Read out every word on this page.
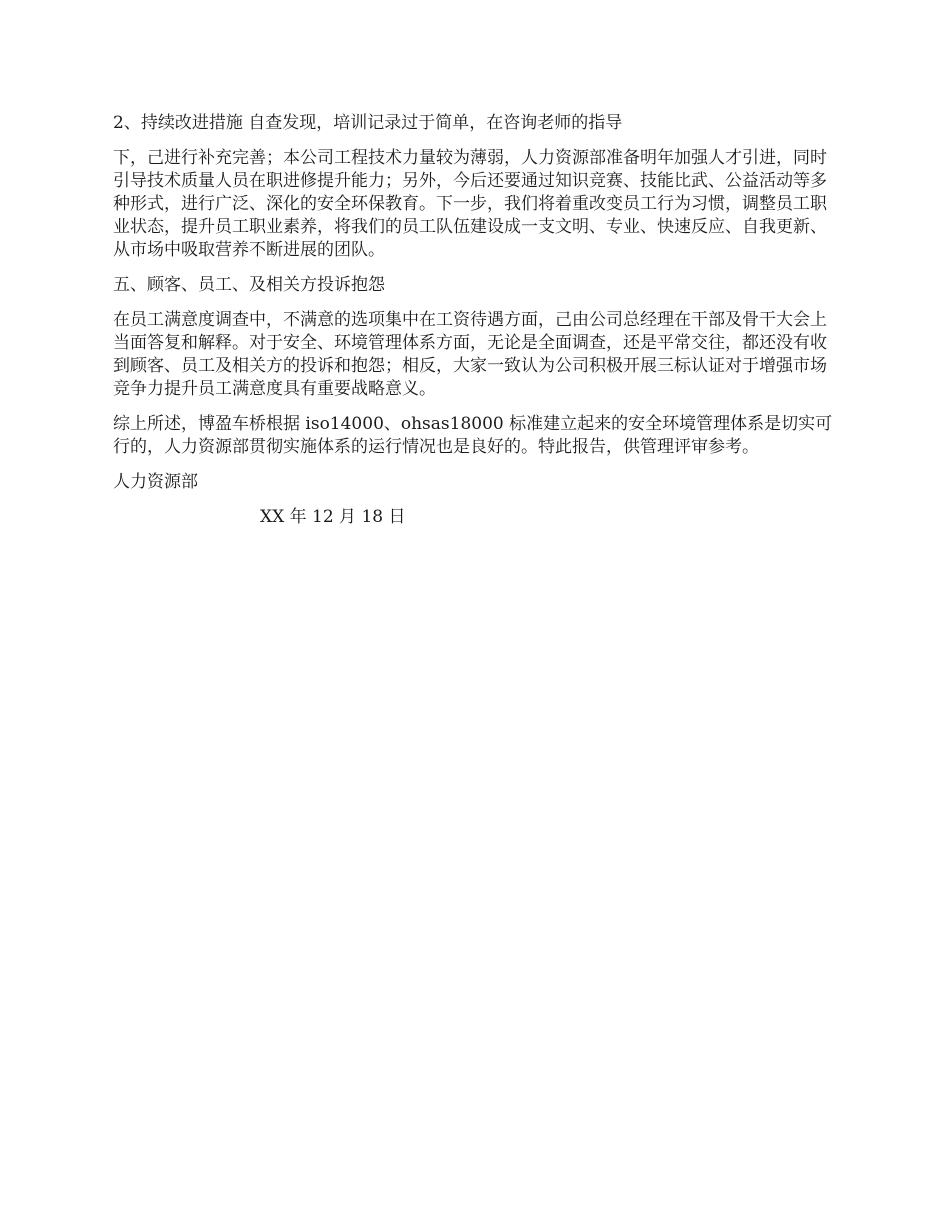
2、持续改进措施 自查发现，培训记录过于简单，在咨询老师的指导

下，己进行补充完善；本公司工程技术力量较为薄弱，人力资源部准备明年加强人才引进，同时引导技术质量人员在职进修提升能力；另外，今后还要通过知识竞赛、技能比武、公益活动等多种形式，进行广泛、深化的安全环保教育。下一步，我们将着重改变员工行为习惯，调整员工职业状态，提升员工职业素养，将我们的员工队伍建设成一支文明、专业、快速反应、自我更新、从市场中吸取营养不断进展的团队。

五、顾客、员工、及相关方投诉抱怨

在员工满意度调查中，不满意的选项集中在工资待遇方面，己由公司总经理在干部及骨干大会上当面答复和解释。对于安全、环境管理体系方面，无论是全面调查，还是平常交往，都还没有收到顾客、员工及相关方的投诉和抱怨；相反，大家一致认为公司积极开展三标认证对于增强市场竞争力提升员工满意度具有重要战略意义。

综上所述，博盈车桥根据 iso14000、ohsas18000 标准建立起来的安全环境管理体系是切实可行的，人力资源部贯彻实施体系的运行情况也是良好的。特此报告，供管理评审参考。

人力资源部

XX 年 12 月 18 日
